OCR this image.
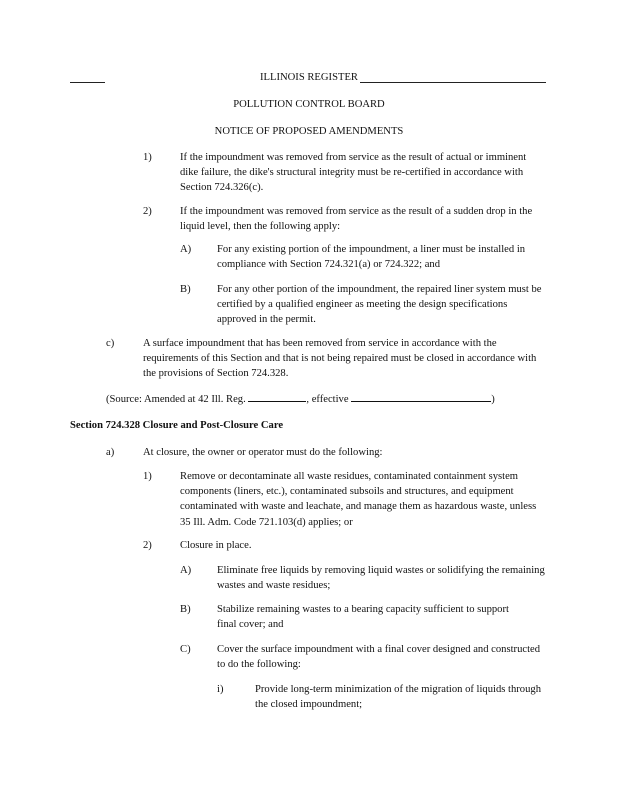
ILLINOIS REGISTER
POLLUTION CONTROL BOARD
NOTICE OF PROPOSED AMENDMENTS
1)	If the impoundment was removed from service as the result of actual or imminent dike failure, the dike's structural integrity must be re-certified in accordance with Section 724.326(c).
2)	If the impoundment was removed from service as the result of a sudden drop in the liquid level, then the following apply:
A) For any existing portion of the impoundment, a liner must be installed in compliance with Section 724.321(a) or 724.322; and
B) For any other portion of the impoundment, the repaired liner system must be certified by a qualified engineer as meeting the design specifications approved in the permit.
c)	A surface impoundment that has been removed from service in accordance with the requirements of this Section and that is not being repaired must be closed in accordance with the provisions of Section 724.328.
(Source: Amended at 42 Ill. Reg.	, effective	)
Section 724.328 Closure and Post-Closure Care
a)	At closure, the owner or operator must do the following:
1)	Remove or decontaminate all waste residues, contaminated containment system components (liners, etc.), contaminated subsoils and structures, and equipment contaminated with waste and leachate, and manage them as hazardous waste, unless 35 Ill. Adm. Code 721.103(d) applies; or
2)	Closure in place.
A) Eliminate free liquids by removing liquid wastes or solidifying the remaining wastes and waste residues;
B) Stabilize remaining wastes to a bearing capacity sufficient to support final cover; and
C) Cover the surface impoundment with a final cover designed and constructed to do the following:
i)	Provide long-term minimization of the migration of liquids through the closed impoundment;
